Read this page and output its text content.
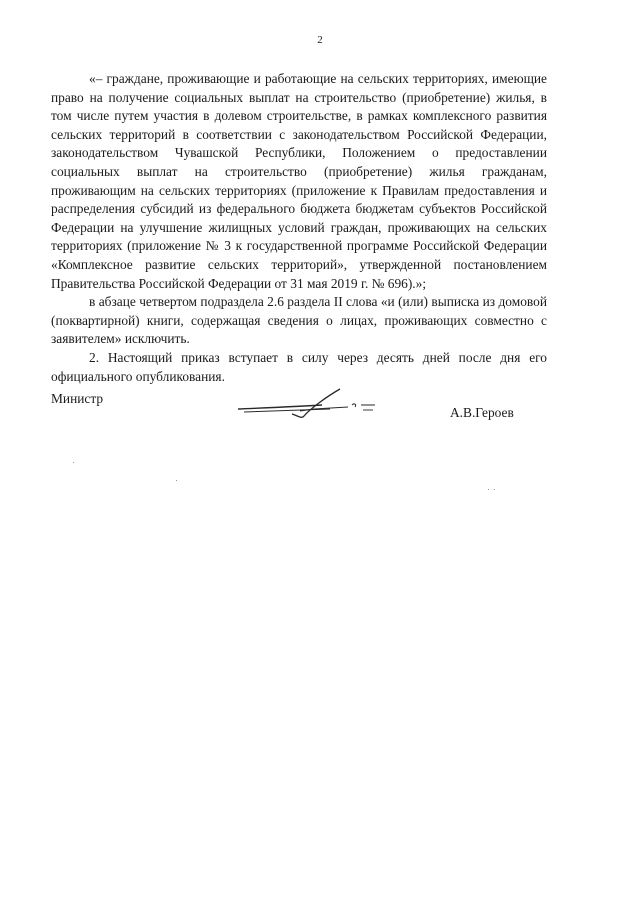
2

«– граждане, проживающие и работающие на сельских территориях, имеющие право на получение социальных выплат на строительство (приобретение) жилья, в том числе путем участия в долевом строительстве, в рамках комплексного развития сельских территорий в соответствии с законодательством Российской Федерации, законодательством Чувашской Республики, Положением о предоставлении социальных выплат на строительство (приобретение) жилья гражданам, проживающим на сельских территориях (приложение к Правилам предоставления и распределения субсидий из федерального бюджета бюджетам субъектов Российской Федерации на улучшение жилищных условий граждан, проживающих на сельских территориях (приложение № 3 к государственной программе Российской Федерации «Комплексное развитие сельских территорий», утвержденной постановлением Правительства Российской Федерации от 31 мая 2019 г. № 696).»;

в абзаце четвертом подраздела 2.6 раздела II слова «и (или) выписка из домовой (поквартирной) книги, содержащая сведения о лицах, проживающих совместно с заявителем» исключить.

2. Настоящий приказ вступает в силу через десять дней после дня его официального опубликования.

Министр
А.В.Героев
